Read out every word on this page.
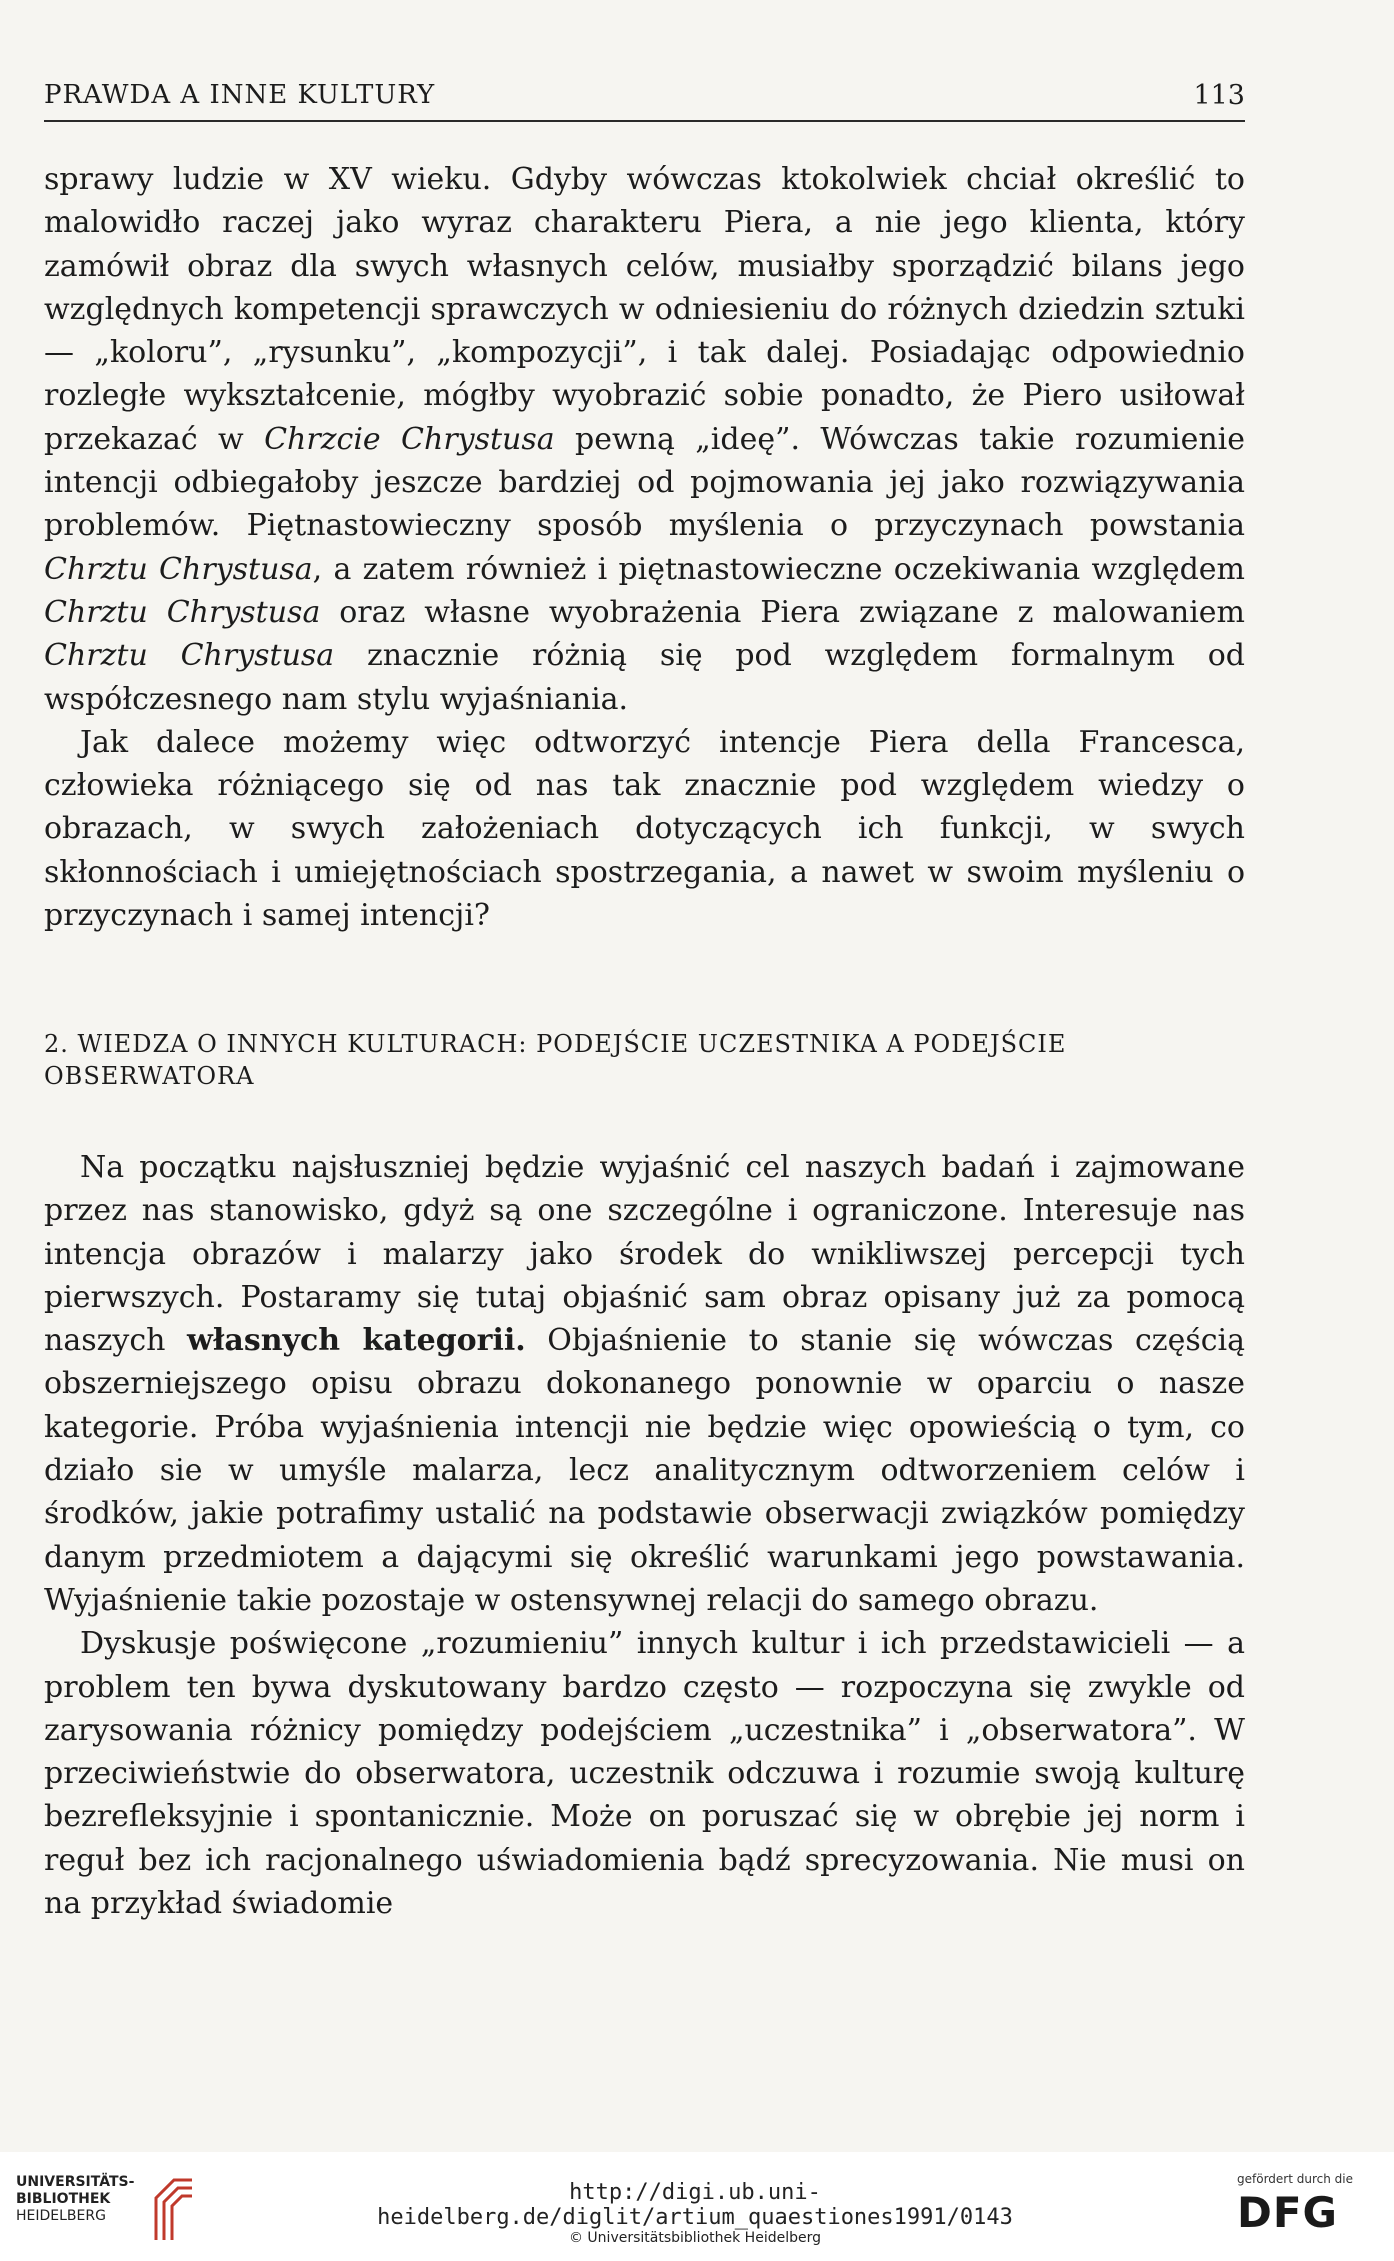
PRAWDA A INNE KULTURY	113

sprawy ludzie w XV wieku. Gdyby wówczas ktokolwiek chciał określić to malowidło raczej jako wyraz charakteru Piera, a nie jego klienta, który zamówił obraz dla swych własnych celów, musiałby sporządzić bilans jego względnych kompetencji sprawczych w odniesieniu do różnych dziedzin sztuki — „koloru”, „rysunku”, „kompozycji”, i tak dalej. Posiadając odpowiednio rozległe wykształcenie, mógłby wyobrazić sobie ponadto, że Piero usiłował przekazać w Chrzcie Chrystusa pewną „ideę”. Wówczas takie rozumienie intencji odbiegałoby jeszcze bardziej od pojmowania jej jako rozwiązywania problemów. Piętnastowieczny sposób myślenia o przyczynach powstania Chrztu Chrystusa, a zatem również i piętnastowieczne oczekiwania względem Chrztu Chrystusa oraz własne wyobrażenia Piera związane z malowaniem Chrztu Chrystusa znacznie różnią się pod względem formalnym od współczesnego nam stylu wyjaśniania.

Jak dalece możemy więc odtworzyć intencje Piera della Francesca, człowieka różniącego się od nas tak znacznie pod względem wiedzy o obrazach, w swych założeniach dotyczących ich funkcji, w swych skłonnościach i umiejętnościach spostrzegania, a nawet w swoim myśleniu o przyczynach i samej intencji?

2. WIEDZA O INNYCH KULTURACH: PODEJŚCIE UCZESTNIKA A PODEJŚCIE OBSERWATORA

Na początku najsłuszniej będzie wyjaśnić cel naszych badań i zajmowane przez nas stanowisko, gdyż są one szczególne i ograniczone. Interesuje nas intencja obrazów i malarzy jako środek do wnikliwszej percepcji tych pierwszych. Postaramy się tutaj objaśnić sam obraz opisany już za pomocą naszych własnych kategorii. Objaśnienie to stanie się wówczas częścią obszerniejszego opisu obrazu dokonanego ponownie w oparciu o nasze kategorie. Próba wyjaśnienia intencji nie będzie więc opowieścią o tym, co działo sie w umyśle malarza, lecz analitycznym odtworzeniem celów i środków, jakie potrafimy ustalić na podstawie obserwacji związków pomiędzy danym przedmiotem a dającymi się określić warunkami jego powstawania. Wyjaśnienie takie pozostaje w ostensywnej relacji do samego obrazu.

Dyskusje poświęcone „rozumieniu” innych kultur i ich przedstawicieli — a problem ten bywa dyskutowany bardzo często — rozpoczyna się zwykle od zarysowania różnicy pomiędzy podejściem „uczestnika” i „obserwatora”. W przeciwieństwie do obserwatora, uczestnik odczuwa i rozumie swoją kulturę bezrefleksyjnie i spontanicznie. Może on poruszać się w obrębie jej norm i reguł bez ich racjonalnego uświadomienia bądź sprecyzowania. Nie musi on na przykład świadomie

UNIVERSITÄTS-
BIBLIOTHEK
HEIDELBERG
http://digi.ub.uni-heidelberg.de/diglit/artium_quaestiones1991/0143
© Universitätsbibliothek Heidelberg
gefördert durch die
DFG
